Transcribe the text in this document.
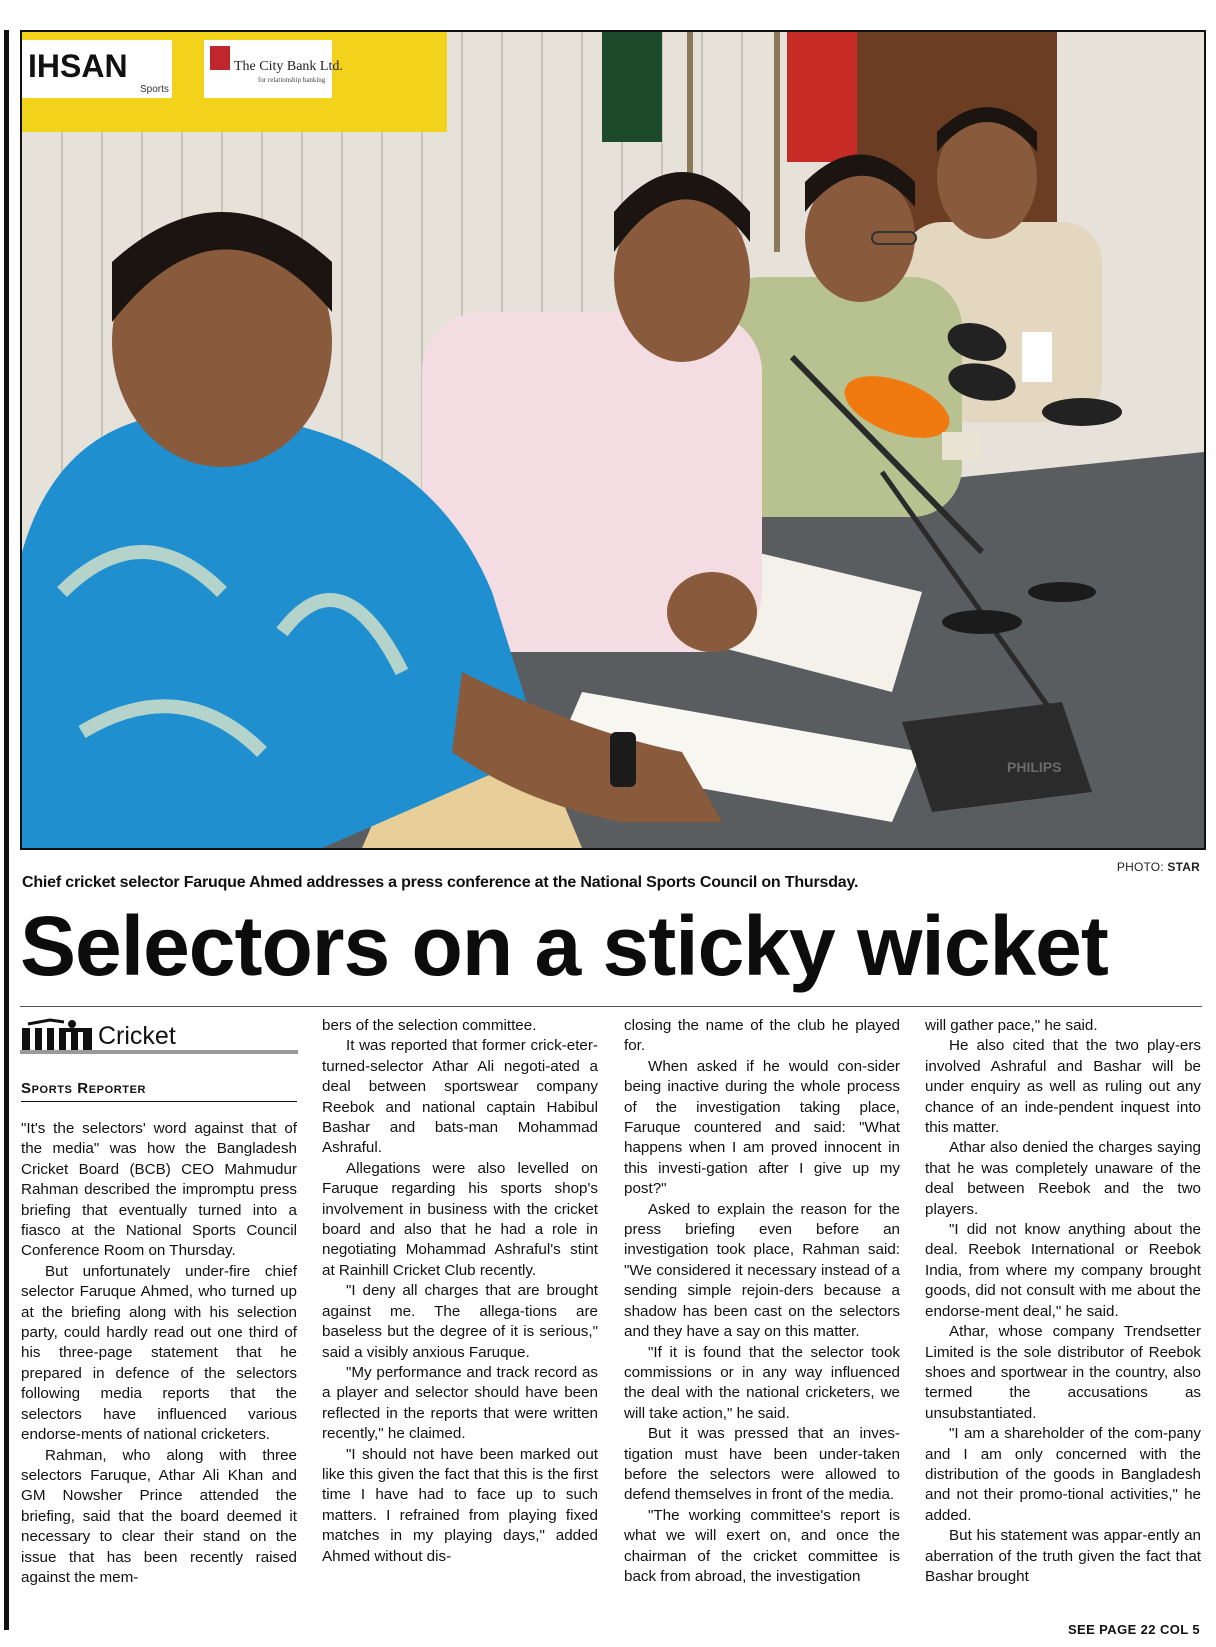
IHSAN
Sports
The City Bank Ltd.
for relationship banking
PHILIPS
PHOTO: STAR
Chief cricket selector Faruque Ahmed addresses a press conference at the National Sports Council on Thursday.
Selectors on a sticky wicket
Cricket
Sports Reporter

"It's the selectors' word against that of the media" was how the Bangladesh Cricket Board (BCB) CEO Mahmudur Rahman described the impromptu press briefing that eventually turned into a fiasco at the National Sports Council Conference Room on Thursday.

But unfortunately under-fire chief selector Faruque Ahmed, who turned up at the briefing along with his selection party, could hardly read out one third of his three-page statement that he prepared in defence of the selectors following media reports that the selectors have influenced various endorse-ments of national cricketers.

Rahman, who along with three selectors Faruque, Athar Ali Khan and GM Nowsher Prince attended the briefing, said that the board deemed it necessary to clear their stand on the issue that has been recently raised against the mem-

bers of the selection committee.

It was reported that former crick-eter-turned-selector Athar Ali negoti-ated a deal between sportswear company Reebok and national captain Habibul Bashar and bats-man Mohammad Ashraful.

Allegations were also levelled on Faruque regarding his sports shop's involvement in business with the cricket board and also that he had a role in negotiating Mohammad Ashraful's stint at Rainhill Cricket Club recently.

"I deny all charges that are brought against me. The allega-tions are baseless but the degree of it is serious," said a visibly anxious Faruque.

"My performance and track record as a player and selector should have been reflected in the reports that were written recently," he claimed.

"I should not have been marked out like this given the fact that this is the first time I have had to face up to such matters. I refrained from playing fixed matches in my playing days," added Ahmed without dis-

closing the name of the club he played for.

When asked if he would con-sider being inactive during the whole process of the investigation taking place, Faruque countered and said: "What happens when I am proved innocent in this investi-gation after I give up my post?"

Asked to explain the reason for the press briefing even before an investigation took place, Rahman said: "We considered it necessary instead of a sending simple rejoin-ders because a shadow has been cast on the selectors and they have a say on this matter.

"If it is found that the selector took commissions or in any way influenced the deal with the national cricketers, we will take action," he said.

But it was pressed that an inves-tigation must have been under-taken before the selectors were allowed to defend themselves in front of the media.

"The working committee's report is what we will exert on, and once the chairman of the cricket committee is back from abroad, the investigation

will gather pace," he said.

He also cited that the two play-ers involved Ashraful and Bashar will be under enquiry as well as ruling out any chance of an inde-pendent inquest into this matter.

Athar also denied the charges saying that he was completely unaware of the deal between Reebok and the two players.

"I did not know anything about the deal. Reebok International or Reebok India, from where my company brought goods, did not consult with me about the endorse-ment deal," he said.

Athar, whose company Trendsetter Limited is the sole distributor of Reebok shoes and sportwear in the country, also termed the accusations as unsubstantiated.

"I am a shareholder of the com-pany and I am only concerned with the distribution of the goods in Bangladesh and not their promo-tional activities," he added.

But his statement was appar-ently an aberration of the truth given the fact that Bashar brought

SEE PAGE 22 COL 5
